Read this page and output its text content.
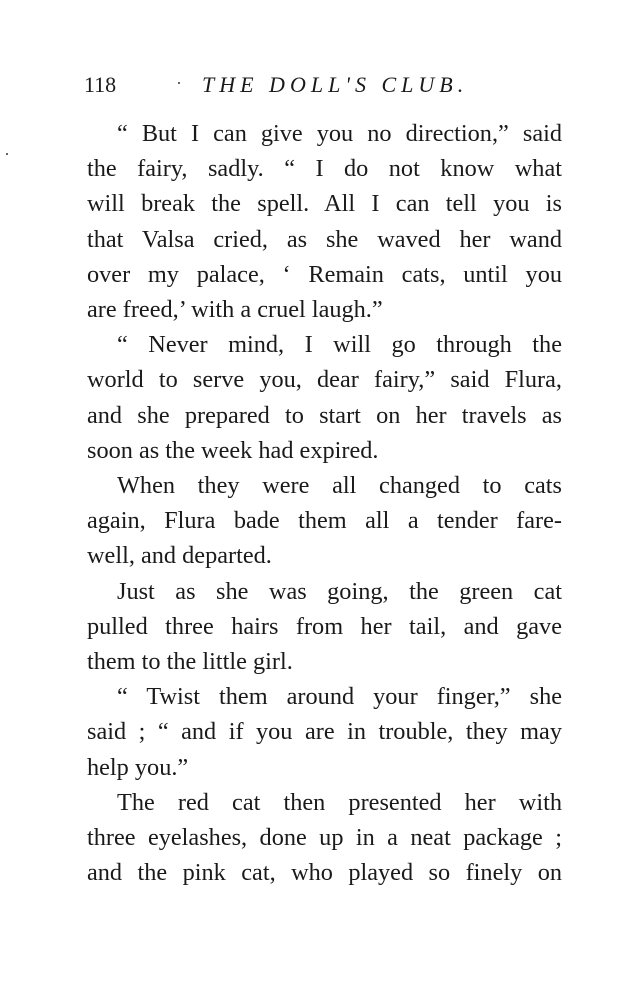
118	THE DOLL'S CLUB.
“ But I can give you no direction,” said
the fairy, sadly. “ I do not know what
will break the spell. All I can tell you is
that Valsa cried, as she waved her wand
over my palace, ‘ Remain cats, until you
are freed,’ with a cruel laugh.”
“ Never mind, I will go through the
world to serve you, dear fairy,” said Flura,
and she prepared to start on her travels as
soon as the week had expired.
When they were all changed to cats
again, Flura bade them all a tender fare-
well, and departed.
Just as she was going, the green cat
pulled three hairs from her tail, and gave
them to the little girl.
“ Twist them around your finger,” she
said ; “ and if you are in trouble, they may
help you.”
The red cat then presented her with
three eyelashes, done up in a neat package ;
and the pink cat, who played so finely on
